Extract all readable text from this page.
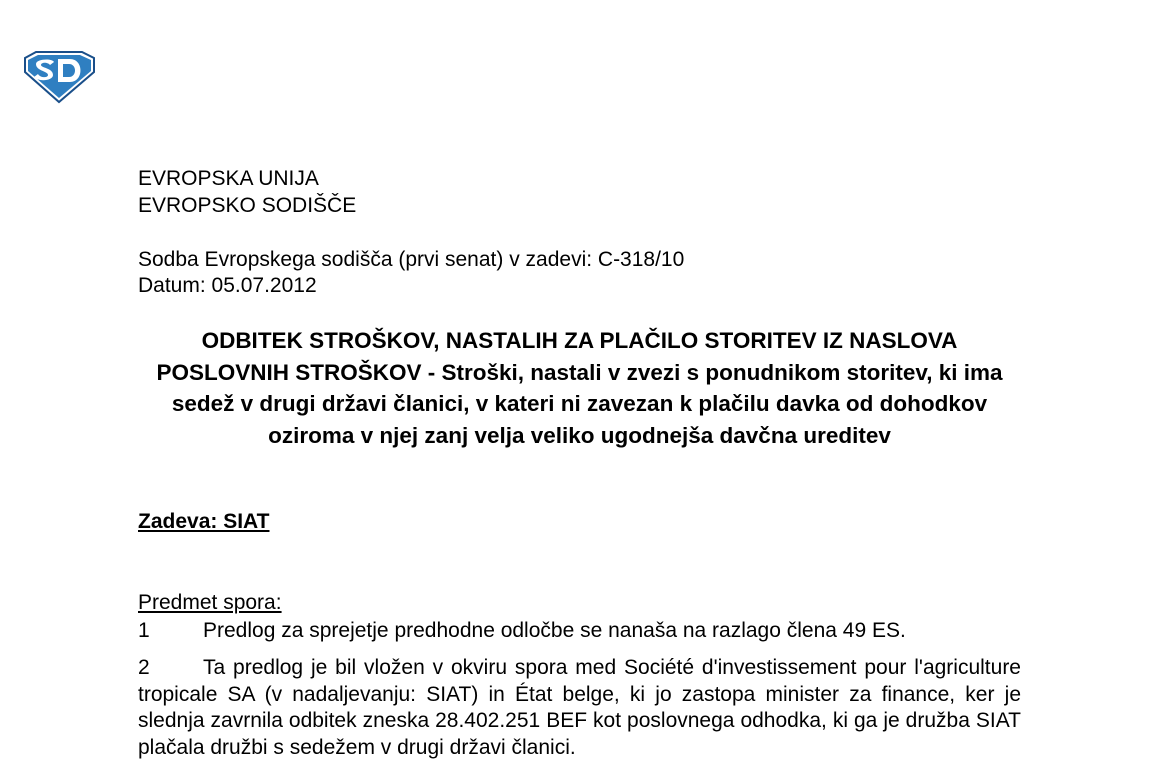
EVROPSKA UNIJA
EVROPSKO SODIŠČE
Sodba Evropskega sodišča (prvi senat) v zadevi: C-318/10
Datum: 05.07.2012
ODBITEK STROŠKOV, NASTALIH ZA PLAČILO STORITEV IZ NASLOVA POSLOVNIH STROŠKOV - Stroški, nastali v zvezi s ponudnikom storitev, ki ima sedež v drugi državi članici, v kateri ni zavezan k plačilu davka od dohodkov oziroma v njej zanj velja veliko ugodnejša davčna ureditev
Zadeva: SIAT
Predmet spora:
1	Predlog za sprejetje predhodne odločbe se nanaša na razlago člena 49 ES.
2	Ta predlog je bil vložen v okviru spora med Société d'investissement pour l'agriculture tropicale SA (v nadaljevanju: SIAT) in État belge, ki jo zastopa minister za finance, ker je slednja zavrnila odbitek zneska 28.402.251 BEF kot poslovnega odhodka, ki ga je družba SIAT plačala družbi s sedežem v drugi državi članici.
